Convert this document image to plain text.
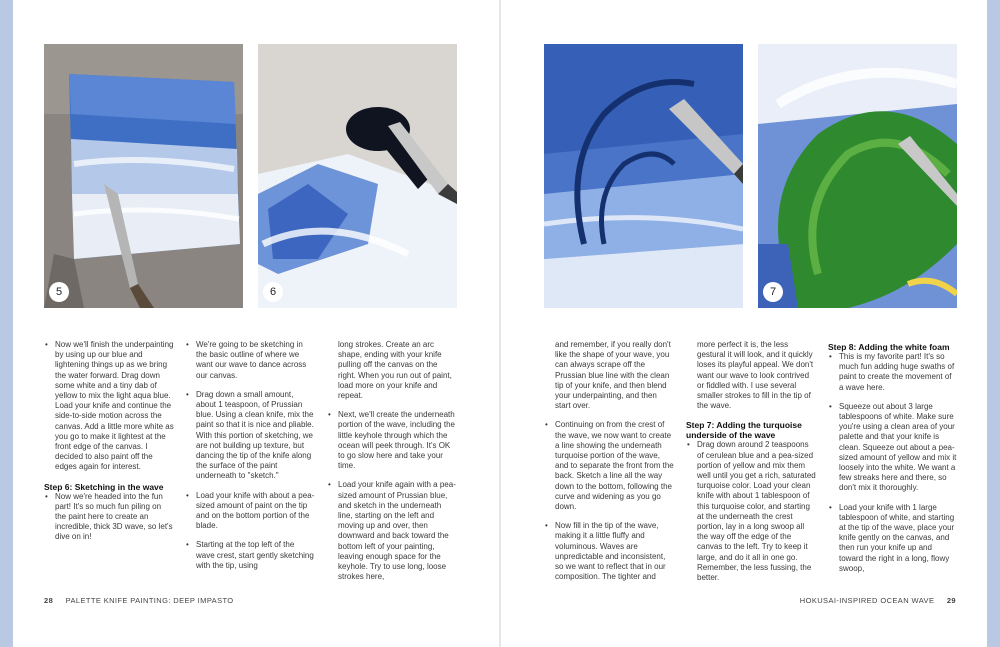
5	6
• Now we'll finish the underpainting by using up our blue and lightening things up as we bring the water forward. Drag down some white and a tiny dab of yellow to mix the light aqua blue. Load your knife and continue the side-to-side motion across the canvas. Add a little more white as you go to make it lightest at the front edge of the canvas. I decided to also paint off the edges again for interest.
Step 6: Sketching in the wave
• Now we're headed into the fun part! It's so much fun piling on the paint here to create an incredible, thick 3D wave, so let's dive on in!
• We're going to be sketching in the basic outline of where we want our wave to dance across our canvas.
• Drag down a small amount, about 1 teaspoon, of Prussian blue. Using a clean knife, mix the paint so that it is nice and pliable. With this portion of sketching, we are not building up texture, but dancing the tip of the knife along the surface of the paint underneath to "sketch."
• Load your knife with about a pea-sized amount of paint on the tip and on the bottom portion of the blade.
• Starting at the top left of the wave crest, start gently sketching with the tip, using
long strokes. Create an arc shape, ending with your knife pulling off the canvas on the right. When you run out of paint, load more on your knife and repeat.
• Next, we'll create the underneath portion of the wave, including the little keyhole through which the ocean will peek through. It's OK to go slow here and take your time.
• Load your knife again with a pea-sized amount of Prussian blue, and sketch in the underneath line, starting on the left and moving up and over, then downward and back toward the bottom left of your painting, leaving enough space for the keyhole. Try to use long, loose strokes here,
28 PALETTE KNIFE PAINTING: DEEP IMPASTO
7
and remember, if you really don't like the shape of your wave, you can always scrape off the Prussian blue line with the clean tip of your knife, and then blend your underpainting, and then start over.
• Continuing on from the crest of the wave, we now want to create a line showing the underneath turquoise portion of the wave, and to separate the front from the back. Sketch a line all the way down to the bottom, following the curve and widening as you go down.
• Now fill in the tip of the wave, making it a little fluffy and voluminous. Waves are unpredictable and inconsistent, so we want to reflect that in our composition. The tighter and
more perfect it is, the less gestural it will look, and it quickly loses its playful appeal. We don't want our wave to look contrived or fiddled with. I use several smaller strokes to fill in the tip of the wave.
Step 7: Adding the turquoise underside of the wave
• Drag down around 2 teaspoons of cerulean blue and a pea-sized portion of yellow and mix them well until you get a rich, saturated turquoise color. Load your clean knife with about 1 tablespoon of this turquoise color, and starting at the underneath the crest portion, lay in a long swoop all the way off the edge of the canvas to the left. Try to keep it large, and do it all in one go. Remember, the less fussing, the better.
Step 8: Adding the white foam
• This is my favorite part! It's so much fun adding huge swaths of paint to create the movement of a wave here.
• Squeeze out about 3 large tablespoons of white. Make sure you're using a clean area of your palette and that your knife is clean. Squeeze out about a pea-sized amount of yellow and mix it loosely into the white. We want a few streaks here and there, so don't mix it thoroughly.
• Load your knife with 1 large tablespoon of white, and starting at the tip of the wave, place your knife gently on the canvas, and then run your knife up and toward the right in a long, flowy swoop,
HOKUSAI-INSPIRED OCEAN WAVE 29
